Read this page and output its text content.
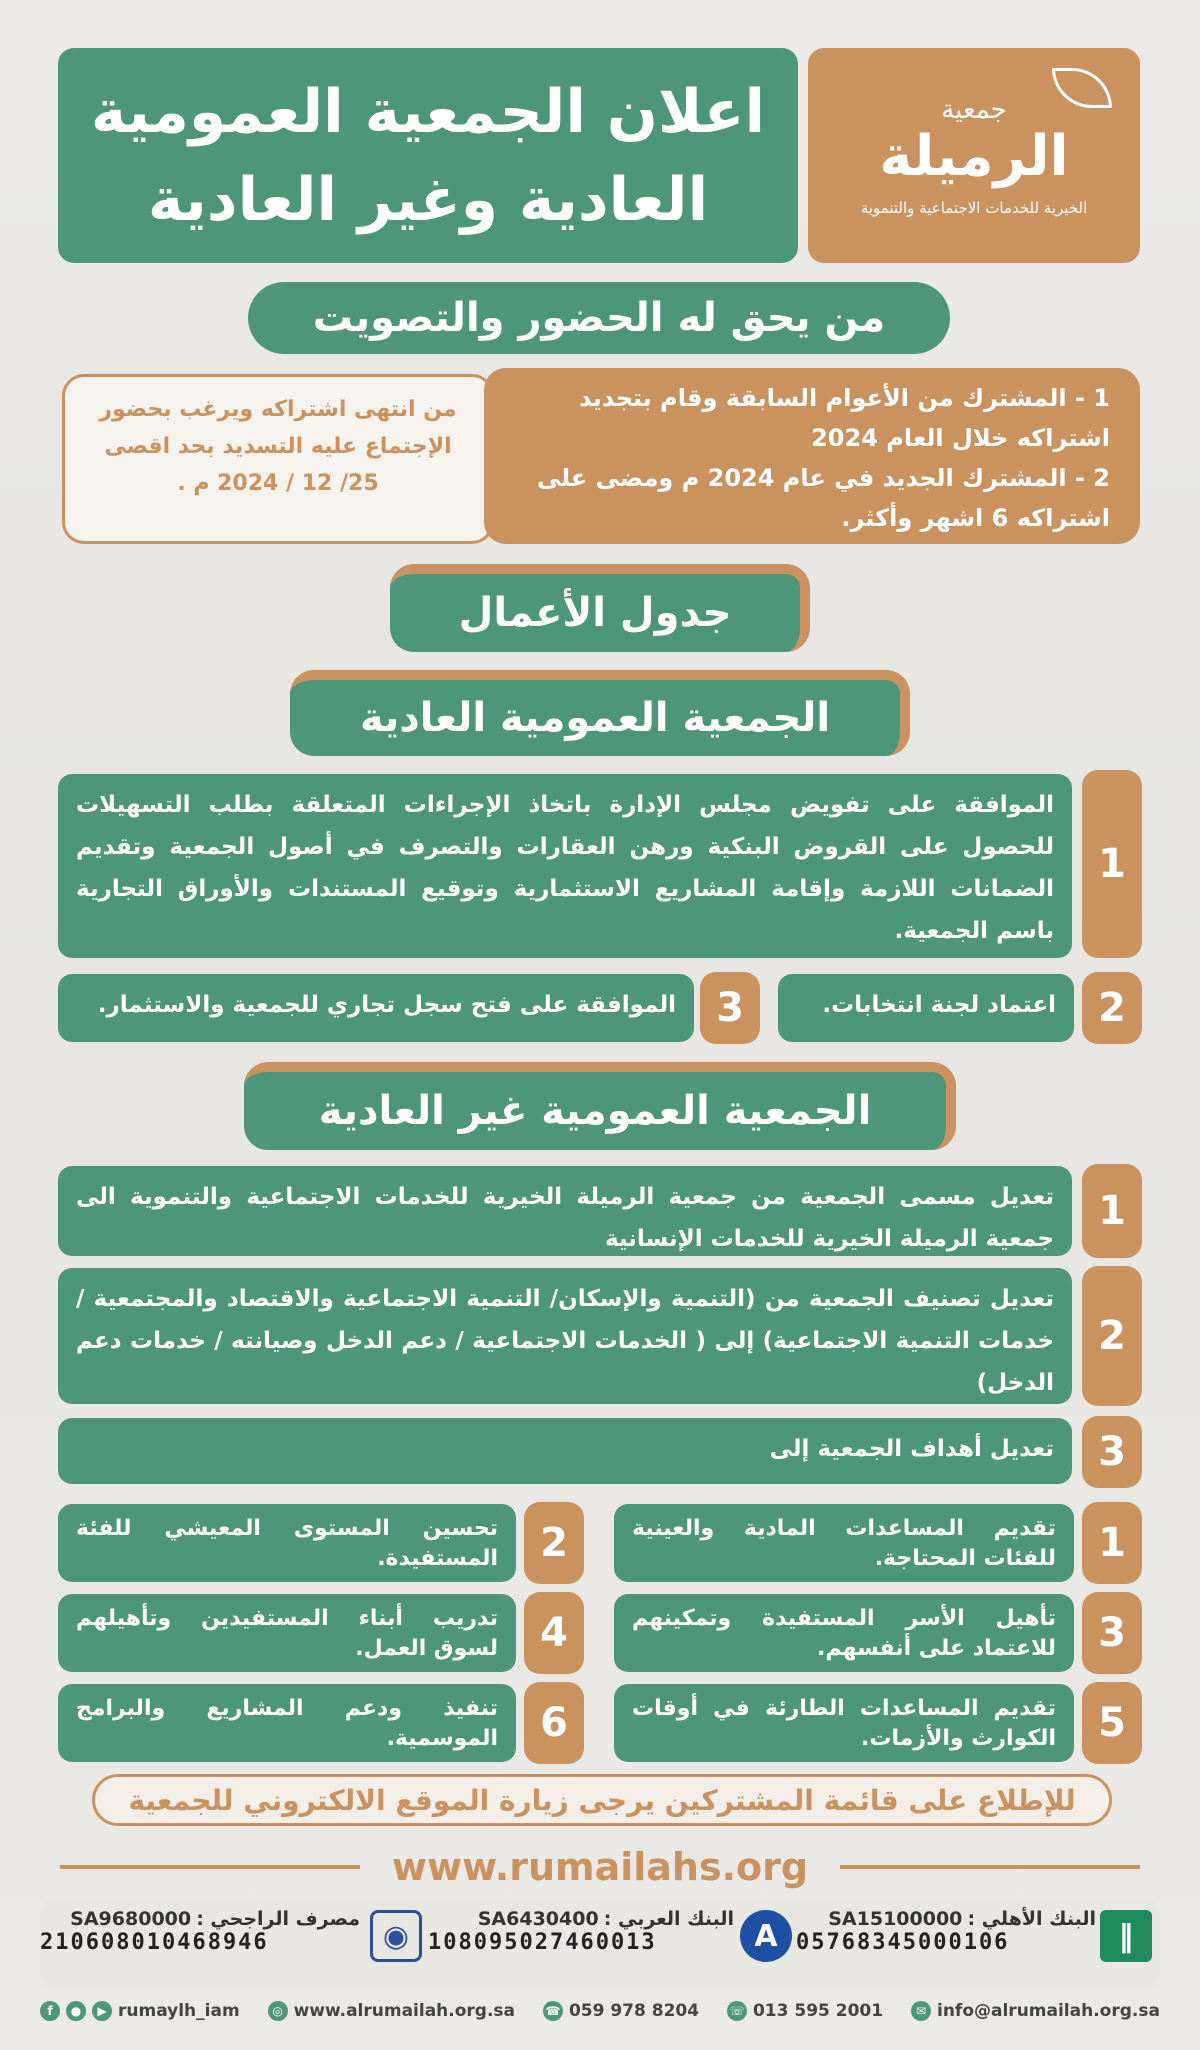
جمعية
الرميلة
الخيرية للخدمات الاجتماعية والتنموية
اعلان الجمعية العمومية
العادية وغير العادية
من يحق له الحضور والتصويت
من انتهى اشتراكه ويرغب بحضور الإجتماع عليه التسديد بحد اقصى 25/ 12 / 2024 م .
1 - المشترك من الأعوام السابقة وقام بتجديد اشتراكه خلال العام 2024
2 - المشترك الجديد في عام 2024 م ومضى على اشتراكه 6 اشهر وأكثر.
جدول الأعمال
الجمعية العمومية العادية
1
الموافقة على تفويض مجلس الإدارة باتخاذ الإجراءات المتعلقة بطلب التسهيلات للحصول على القروض البنكية ورهن العقارات والتصرف في أصول الجمعية وتقديم الضمانات اللازمة وإقامة المشاريع الاستثمارية وتوقيع المستندات والأوراق التجارية باسم الجمعية.
2
اعتماد لجنة انتخابات.
3
الموافقة على فتح سجل تجاري للجمعية والاستثمار.
الجمعية العمومية غير العادية
1
تعديل مسمى الجمعية من جمعية الرميلة الخيرية للخدمات الاجتماعية والتنموية الى جمعية الرميلة الخيرية للخدمات الإنسانية
2
تعديل تصنيف الجمعية من (التنمية والإسكان/ التنمية الاجتماعية والاقتصاد والمجتمعية / خدمات التنمية الاجتماعية) إلى ( الخدمات الاجتماعية / دعم الدخل وصيانته / خدمات دعم الدخل)
3
تعديل أهداف الجمعية إلى
1
تقديم المساعدات المادية والعينية للفئات المحتاجة.
2
تحسين المستوى المعيشي للفئة المستفيدة.
3
تأهيل الأسر المستفيدة وتمكينهم للاعتماد على أنفسهم.
4
تدريب أبناء المستفيدين وتأهيلهم لسوق العمل.
5
تقديم المساعدات الطارئة في أوقات الكوارث والأزمات.
6
تنفيذ ودعم المشاريع والبرامج الموسمية.
للإطلاع على قائمة المشتركين يرجى زيارة الموقع الالكتروني للجمعية
www.rumailahs.org
◉
مصرف الراجحي : SA9680000
210608010468946	A
البنك العربي : SA6430400
108095027460013	‖
البنك الأهلي : SA15100000
05768345000106
f	●	▶ rumaylh_iam	◎ www.alrumailah.org.sa	☎ 059 978 8204	☏ 013 595 2001	✉ info@alrumailah.org.sa
